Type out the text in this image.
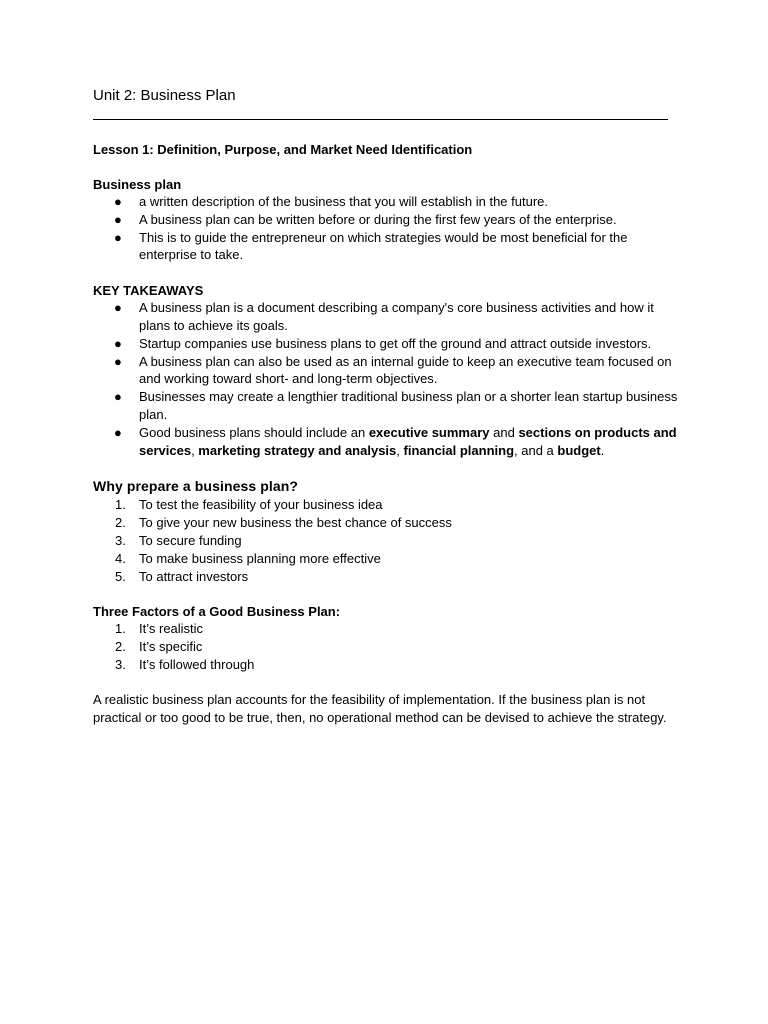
Unit 2: Business Plan

Lesson 1: Definition, Purpose, and Market Need Identification

Business plan

● a written description of the business that you will establish in the future.
● A business plan can be written before or during the first few years of the enterprise.
● This is to guide the entrepreneur on which strategies would be most beneficial for the enterprise to take.

KEY TAKEAWAYS

● A business plan is a document describing a company's core business activities and how it plans to achieve its goals.
● Startup companies use business plans to get off the ground and attract outside investors.
● A business plan can also be used as an internal guide to keep an executive team focused on and working toward short- and long-term objectives.
● Businesses may create a lengthier traditional business plan or a shorter lean startup business plan.
● Good business plans should include an executive summary and sections on products and services, marketing strategy and analysis, financial planning, and a budget.

Why prepare a business plan?

1. To test the feasibility of your business idea
2. To give your new business the best chance of success
3. To secure funding
4. To make business planning more effective
5. To attract investors

Three Factors of a Good Business Plan:

1. It’s realistic
2. It’s specific
3. It’s followed through

A realistic business plan accounts for the feasibility of implementation. If the business plan is not practical or too good to be true, then, no operational method can be devised to achieve the strategy.
